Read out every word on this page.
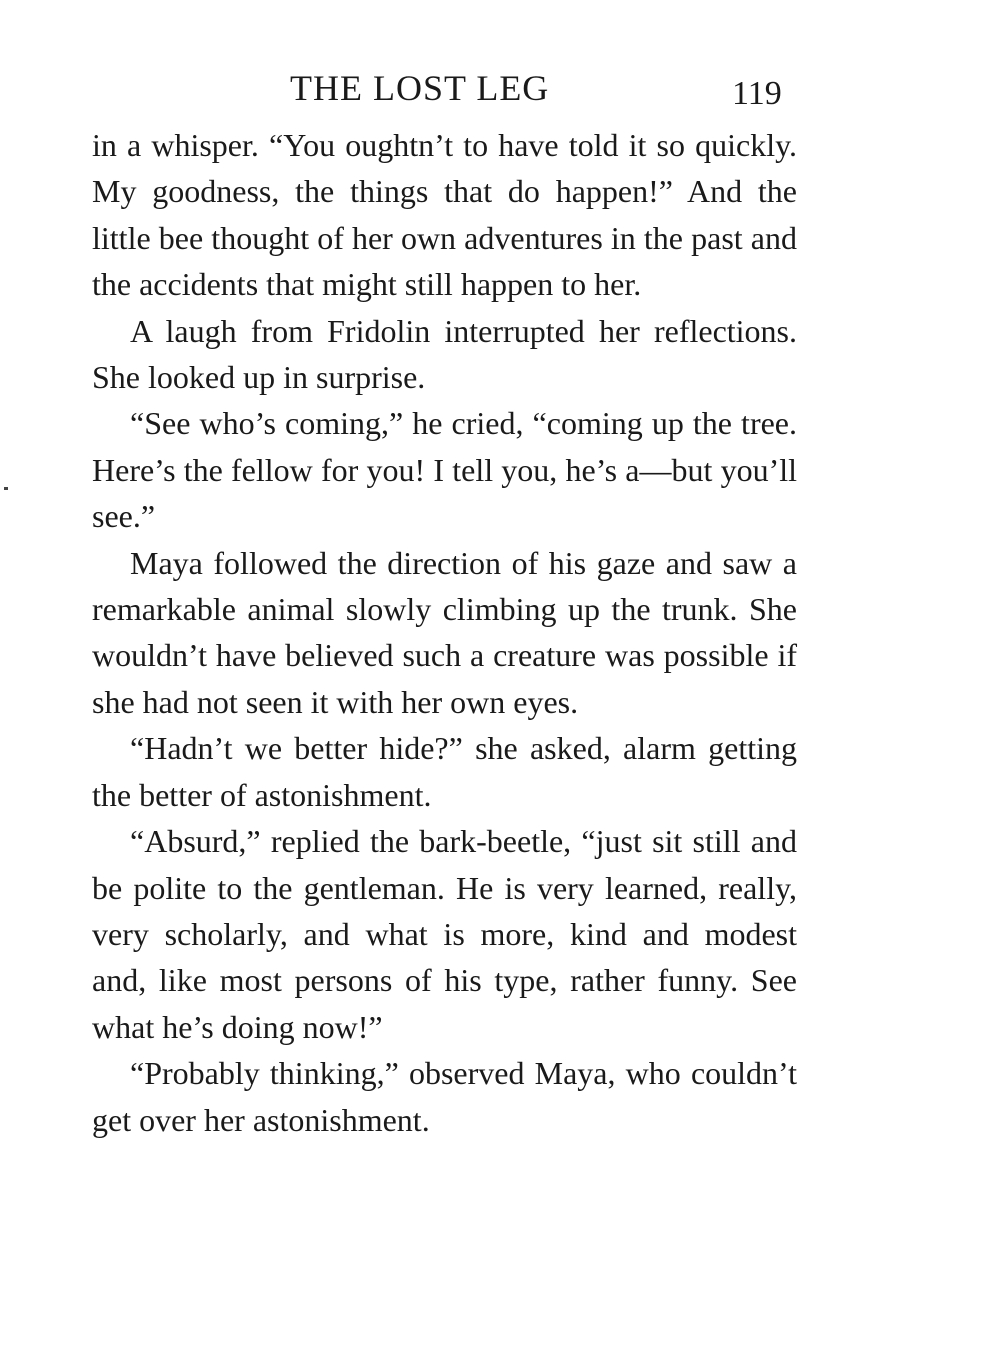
THE LOST LEG	119

in a whisper. “You oughtn’t to have told it so quickly. My goodness, the things that do happen!” And the little bee thought of her own adventures in the past and the accidents that might still happen to her.

A laugh from Fridolin interrupted her reflections. She looked up in surprise.

“See who’s coming,” he cried, “coming up the tree. Here’s the fellow for you! I tell you, he’s a—but you’ll see.”

Maya followed the direction of his gaze and saw a remarkable animal slowly climbing up the trunk. She wouldn’t have believed such a creature was possible if she had not seen it with her own eyes.

“Hadn’t we better hide?” she asked, alarm getting the better of astonishment.

“Absurd,” replied the bark-beetle, “just sit still and be polite to the gentleman. He is very learned, really, very scholarly, and what is more, kind and modest and, like most persons of his type, rather funny. See what he’s doing now!”

“Probably thinking,” observed Maya, who couldn’t get over her astonishment.
